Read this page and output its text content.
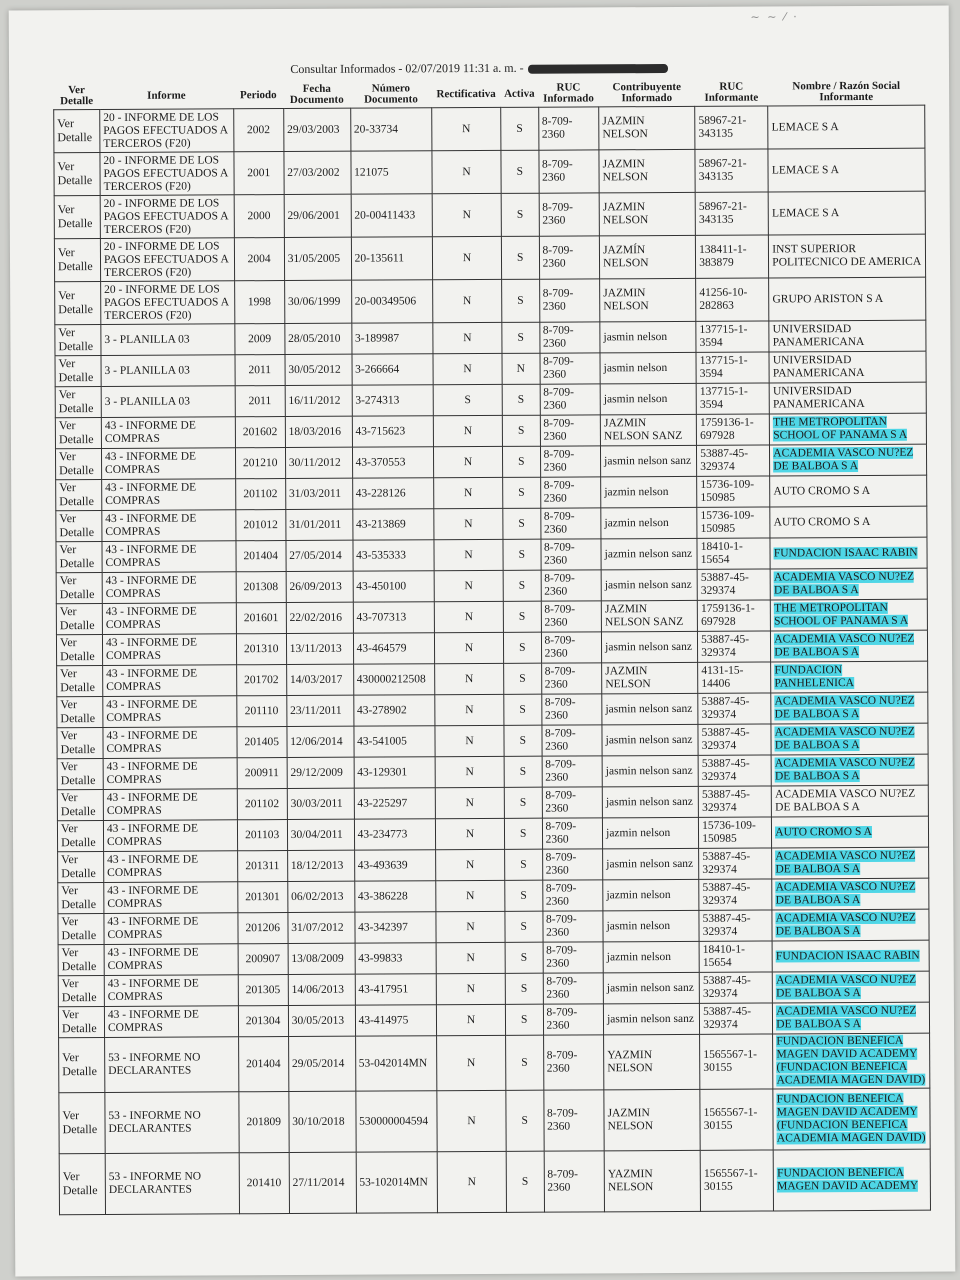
~ ∼ ⁄ ·
Consultar Informados - 02/07/2019 11:31 a. m. -
Ver Detalle	Informe	Periodo	Fecha Documento	Número Documento	Rectificativa	Activa	RUC Informado	Contribuyente Informado	RUC Informante	Nombre / Razón Social Informante
Ver Detalle	20 - INFORME DE LOS PAGOS EFECTUADOS A TERCEROS (F20)	2002	29/03/2003	20-33734	N	S	8-709-2360	JAZMIN NELSON	58967-21-343135	LEMACE S A
Ver Detalle	20 - INFORME DE LOS PAGOS EFECTUADOS A TERCEROS (F20)	2001	27/03/2002	121075	N	S	8-709-2360	JAZMIN NELSON	58967-21-343135	LEMACE S A
Ver Detalle	20 - INFORME DE LOS PAGOS EFECTUADOS A TERCEROS (F20)	2000	29/06/2001	20-00411433	N	S	8-709-2360	JAZMIN NELSON	58967-21-343135	LEMACE S A
Ver Detalle	20 - INFORME DE LOS PAGOS EFECTUADOS A TERCEROS (F20)	2004	31/05/2005	20-135611	N	S	8-709-2360	JAZMÍN NELSON	138411-1-383879	INST SUPERIOR POLITECNICO DE AMERICA
Ver Detalle	20 - INFORME DE LOS PAGOS EFECTUADOS A TERCEROS (F20)	1998	30/06/1999	20-00349506	N	S	8-709-2360	JAZMIN NELSON	41256-10-282863	GRUPO ARISTON S A
Ver Detalle	3 - PLANILLA 03	2009	28/05/2010	3-189987	N	S	8-709-2360	jasmin nelson	137715-1-3594	UNIVERSIDAD PANAMERICANA
Ver Detalle	3 - PLANILLA 03	2011	30/05/2012	3-266664	N	N	8-709-2360	jasmin nelson	137715-1-3594	UNIVERSIDAD PANAMERICANA
Ver Detalle	3 - PLANILLA 03	2011	16/11/2012	3-274313	S	S	8-709-2360	jasmin nelson	137715-1-3594	UNIVERSIDAD PANAMERICANA
Ver Detalle	43 - INFORME DE COMPRAS	201602	18/03/2016	43-715623	N	S	8-709-2360	JAZMIN NELSON SANZ	1759136-1-697928	THE METROPOLITAN SCHOOL OF PANAMA S A
Ver Detalle	43 - INFORME DE COMPRAS	201210	30/11/2012	43-370553	N	S	8-709-2360	jasmin nelson sanz	53887-45-329374	ACADEMIA VASCO NU?EZ DE BALBOA S A
Ver Detalle	43 - INFORME DE COMPRAS	201102	31/03/2011	43-228126	N	S	8-709-2360	jazmin nelson	15736-109-150985	AUTO CROMO S A
Ver Detalle	43 - INFORME DE COMPRAS	201012	31/01/2011	43-213869	N	S	8-709-2360	jazmin nelson	15736-109-150985	AUTO CROMO S A
Ver Detalle	43 - INFORME DE COMPRAS	201404	27/05/2014	43-535333	N	S	8-709-2360	jazmin nelson sanz	18410-1-15654	FUNDACION ISAAC RABIN
Ver Detalle	43 - INFORME DE COMPRAS	201308	26/09/2013	43-450100	N	S	8-709-2360	jasmin nelson sanz	53887-45-329374	ACADEMIA VASCO NU?EZ DE BALBOA S A
Ver Detalle	43 - INFORME DE COMPRAS	201601	22/02/2016	43-707313	N	S	8-709-2360	JAZMIN NELSON SANZ	1759136-1-697928	THE METROPOLITAN SCHOOL OF PANAMA S A
Ver Detalle	43 - INFORME DE COMPRAS	201310	13/11/2013	43-464579	N	S	8-709-2360	jasmin nelson sanz	53887-45-329374	ACADEMIA VASCO NU?EZ DE BALBOA S A
Ver Detalle	43 - INFORME DE COMPRAS	201702	14/03/2017	430000212508	N	S	8-709-2360	JAZMIN NELSON	4131-15-14406	FUNDACION PANHELENICA
Ver Detalle	43 - INFORME DE COMPRAS	201110	23/11/2011	43-278902	N	S	8-709-2360	jasmin nelson sanz	53887-45-329374	ACADEMIA VASCO NU?EZ DE BALBOA S A
Ver Detalle	43 - INFORME DE COMPRAS	201405	12/06/2014	43-541005	N	S	8-709-2360	jasmin nelson sanz	53887-45-329374	ACADEMIA VASCO NU?EZ DE BALBOA S A
Ver Detalle	43 - INFORME DE COMPRAS	200911	29/12/2009	43-129301	N	S	8-709-2360	jasmin nelson sanz	53887-45-329374	ACADEMIA VASCO NU?EZ DE BALBOA S A
Ver Detalle	43 - INFORME DE COMPRAS	201102	30/03/2011	43-225297	N	S	8-709-2360	jasmin nelson sanz	53887-45-329374	ACADEMIA VASCO NU?EZ DE BALBOA S A
Ver Detalle	43 - INFORME DE COMPRAS	201103	30/04/2011	43-234773	N	S	8-709-2360	jazmin nelson	15736-109-150985	AUTO CROMO S A
Ver Detalle	43 - INFORME DE COMPRAS	201311	18/12/2013	43-493639	N	S	8-709-2360	jasmin nelson sanz	53887-45-329374	ACADEMIA VASCO NU?EZ DE BALBOA S A
Ver Detalle	43 - INFORME DE COMPRAS	201301	06/02/2013	43-386228	N	S	8-709-2360	jazmin nelson	53887-45-329374	ACADEMIA VASCO NU?EZ DE BALBOA S A
Ver Detalle	43 - INFORME DE COMPRAS	201206	31/07/2012	43-342397	N	S	8-709-2360	jasmin nelson	53887-45-329374	ACADEMIA VASCO NU?EZ DE BALBOA S A
Ver Detalle	43 - INFORME DE COMPRAS	200907	13/08/2009	43-99833	N	S	8-709-2360	jazmin nelson	18410-1-15654	FUNDACION ISAAC RABIN
Ver Detalle	43 - INFORME DE COMPRAS	201305	14/06/2013	43-417951	N	S	8-709-2360	jasmin nelson sanz	53887-45-329374	ACADEMIA VASCO NU?EZ DE BALBOA S A
Ver Detalle	43 - INFORME DE COMPRAS	201304	30/05/2013	43-414975	N	S	8-709-2360	jasmin nelson sanz	53887-45-329374	ACADEMIA VASCO NU?EZ DE BALBOA S A
Ver Detalle	53 - INFORME NO DECLARANTES	201404	29/05/2014	53-042014MN	N	S	8-709-2360	YAZMIN NELSON	1565567-1-30155	FUNDACION BENEFICA MAGEN DAVID ACADEMY (FUNDACION BENEFICA ACADEMIA MAGEN DAVID)
Ver Detalle	53 - INFORME NO DECLARANTES	201809	30/10/2018	530000004594	N	S	8-709-2360	JAZMIN NELSON	1565567-1-30155	FUNDACION BENEFICA MAGEN DAVID ACADEMY (FUNDACION BENEFICA ACADEMIA MAGEN DAVID)
Ver Detalle	53 - INFORME NO DECLARANTES	201410	27/11/2014	53-102014MN	N	S	8-709-2360	YAZMIN NELSON	1565567-1-30155	FUNDACION BENEFICA MAGEN DAVID ACADEMY
